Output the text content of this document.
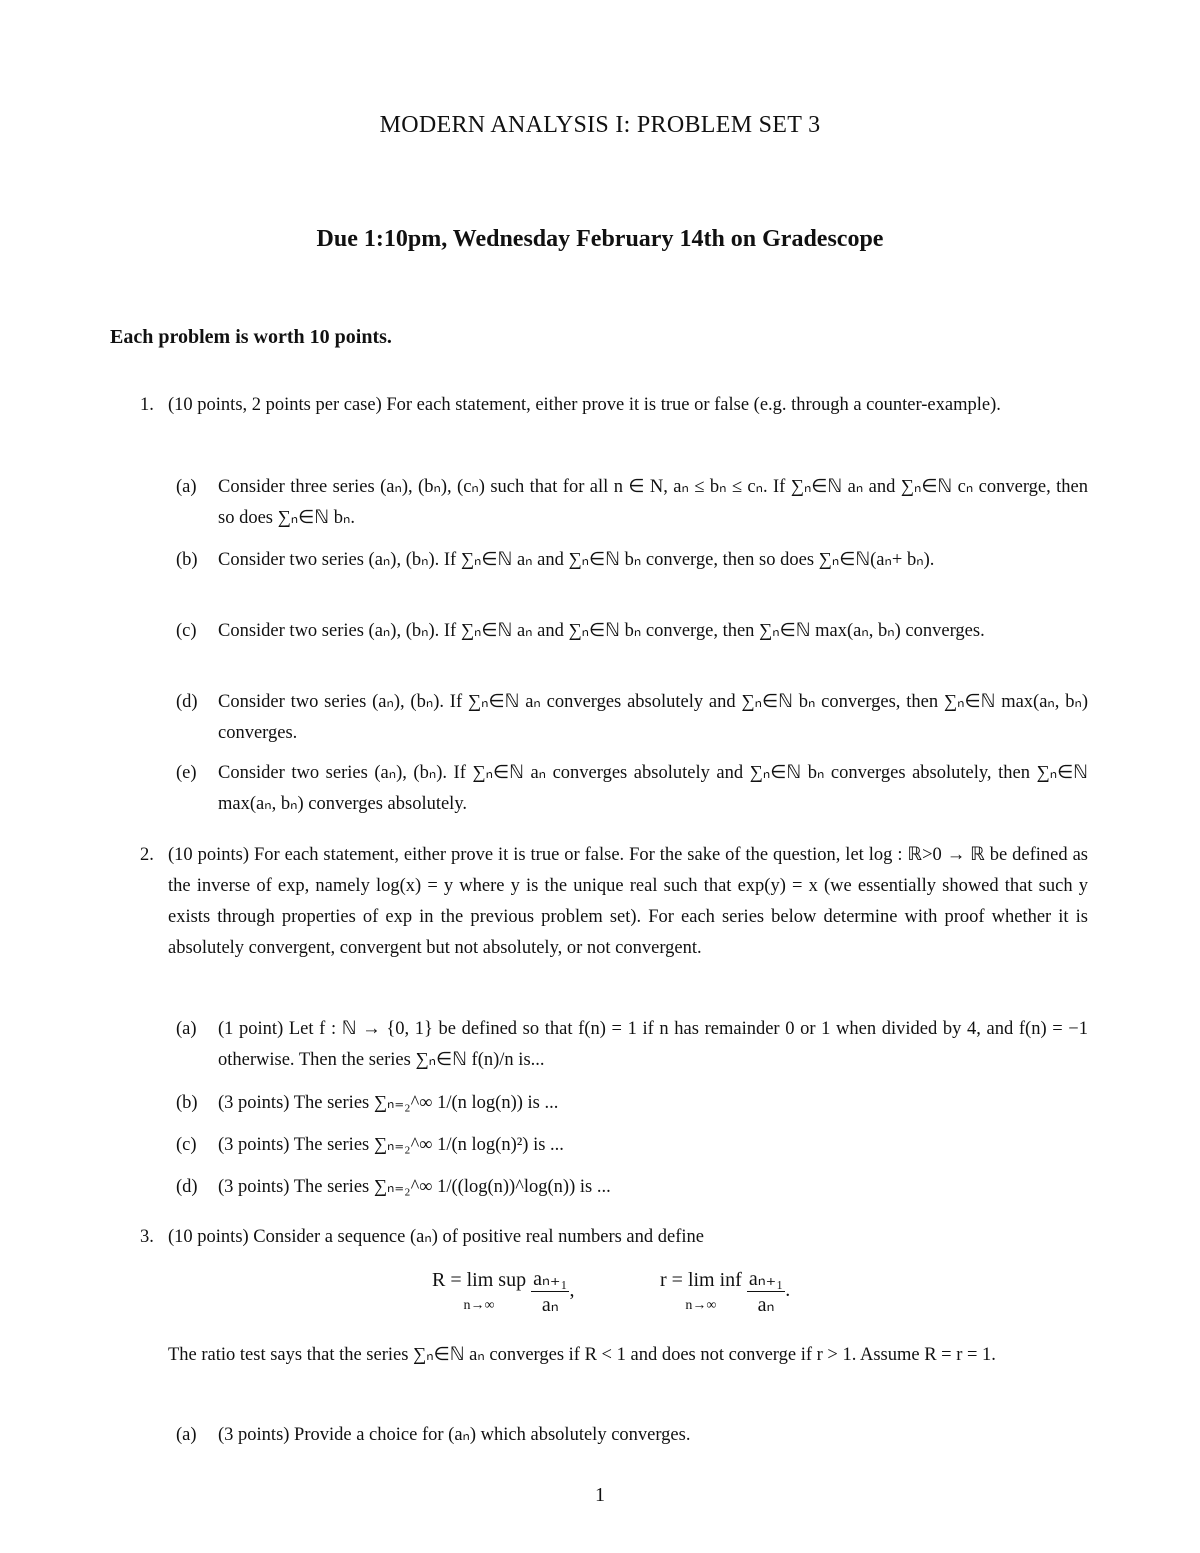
MODERN ANALYSIS I: PROBLEM SET 3
Due 1:10pm, Wednesday February 14th on Gradescope
Each problem is worth 10 points.
1. (10 points, 2 points per case) For each statement, either prove it is true or false (e.g. through a counter-example).
(a) Consider three series (aₙ), (bₙ), (cₙ) such that for all n ∈ N, aₙ ≤ bₙ ≤ cₙ. If ∑ₙ∈ℕ aₙ and ∑ₙ∈ℕ cₙ converge, then so does ∑ₙ∈ℕ bₙ.
(b) Consider two series (aₙ), (bₙ). If ∑ₙ∈ℕ aₙ and ∑ₙ∈ℕ bₙ converge, then so does ∑ₙ∈ℕ(aₙ+ bₙ).
(c) Consider two series (aₙ), (bₙ). If ∑ₙ∈ℕ aₙ and ∑ₙ∈ℕ bₙ converge, then ∑ₙ∈ℕ max(aₙ, bₙ) converges.
(d) Consider two series (aₙ), (bₙ). If ∑ₙ∈ℕ aₙ converges absolutely and ∑ₙ∈ℕ bₙ converges, then ∑ₙ∈ℕ max(aₙ, bₙ) converges.
(e) Consider two series (aₙ), (bₙ). If ∑ₙ∈ℕ aₙ converges absolutely and ∑ₙ∈ℕ bₙ converges absolutely, then ∑ₙ∈ℕ max(aₙ, bₙ) converges absolutely.
2. (10 points) For each statement, either prove it is true or false. For the sake of the question, let log : ℝ>0 → ℝ be defined as the inverse of exp, namely log(x) = y where y is the unique real such that exp(y) = x (we essentially showed that such y exists through properties of exp in the previous problem set). For each series below determine with proof whether it is absolutely convergent, convergent but not absolutely, or not convergent.
(a) (1 point) Let f : ℕ → {0, 1} be defined so that f(n) = 1 if n has remainder 0 or 1 when divided by 4, and f(n) = −1 otherwise. Then the series ∑ₙ∈ℕ f(n)/n is...
(b) (3 points) The series ∑ₙ₌₂^∞ 1/(n log(n)) is ...
(c) (3 points) The series ∑ₙ₌₂^∞ 1/(n log(n)²) is ...
(d) (3 points) The series ∑ₙ₌₂^∞ 1/((log(n))^log(n)) is ...
3. (10 points) Consider a sequence (aₙ) of positive real numbers and define
R = lim sup
$n\to\infty \frac{\text{aₙ₊₁}}{\text{aₙ}}$ ,	r = lim inf
$n\to\infty \frac{\text{aₙ₊₁}}{\text{aₙ}}$ .
The ratio test says that the series ∑ₙ∈ℕ aₙ converges if R < 1 and does not converge if r > 1. Assume R = r = 1.
(a) (3 points) Provide a choice for (aₙ) which absolutely converges.
1
